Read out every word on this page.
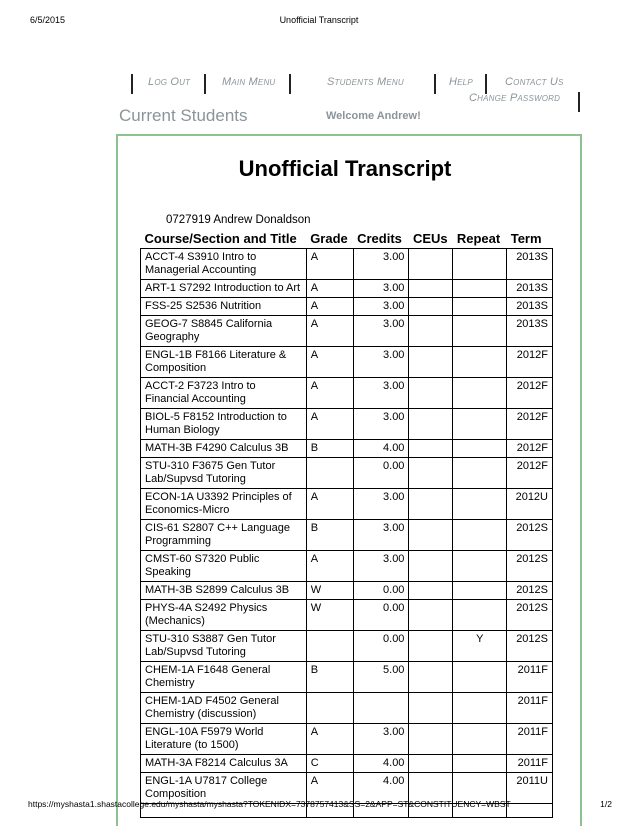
6/5/2015	Unofficial Transcript
Log Out	Main Menu	Students Menu	Help	Contact Us
Change Password
Current Students	Welcome Andrew!
Unofficial Transcript
0727919 Andrew Donaldson
Course/Section and Title	Grade	Credits	CEUs	Repeat	Term
ACCT-4 S3910 Intro to Managerial Accounting	A	3.00			2013S
ART-1 S7292 Introduction to Art	A	3.00			2013S
FSS-25 S2536 Nutrition	A	3.00			2013S
GEOG-7 S8845 California Geography	A	3.00			2013S
ENGL-1B F8166 Literature & Composition	A	3.00			2012F
ACCT-2 F3723 Intro to Financial Accounting	A	3.00			2012F
BIOL-5 F8152 Introduction to Human Biology	A	3.00			2012F
MATH-3B F4290 Calculus 3B	B	4.00			2012F
STU-310 F3675 Gen Tutor Lab/Supvsd Tutoring		0.00			2012F
ECON-1A U3392 Principles of Economics-Micro	A	3.00			2012U
CIS-61 S2807 C++ Language Programming	B	3.00			2012S
CMST-60 S7320 Public Speaking	A	3.00			2012S
MATH-3B S2899 Calculus 3B	W	0.00			2012S
PHYS-4A S2492 Physics (Mechanics)	W	0.00			2012S
STU-310 S3887 Gen Tutor Lab/Supvsd Tutoring		0.00		Y	2012S
CHEM-1A F1648 General Chemistry	B	5.00			2011F
CHEM-1AD F4502 General Chemistry (discussion)					2011F
ENGL-10A F5979 World Literature (to 1500)	A	3.00			2011F
MATH-3A F8214 Calculus 3A	C	4.00			2011F
ENGL-1A U7817 College Composition	A	4.00			2011U

https://myshasta1.shastacollege.edu/myshasta/myshasta?TOKENIDX=7378757413&SS=2&APP=ST&CONSTITUENCY=WBST	1/2
